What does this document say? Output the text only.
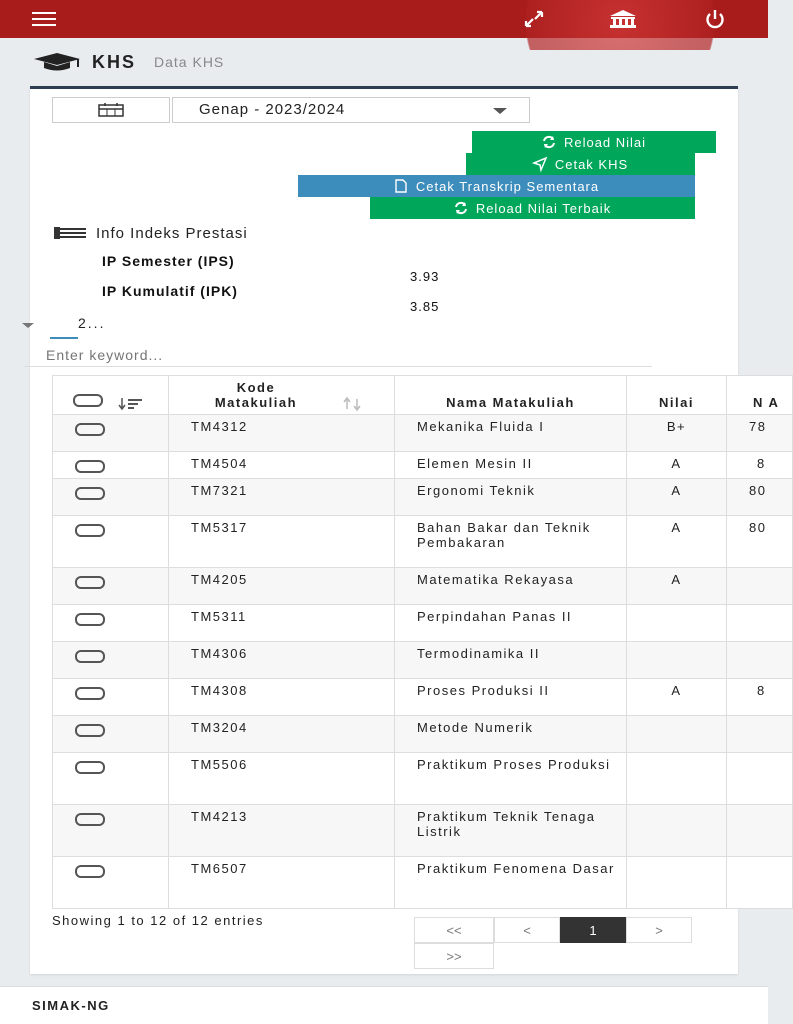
KHS Data KHS
Genap - 2023/2024
Reload Nilai
Cetak KHS
Cetak Transkrip Sementara
Reload Nilai Terbaik
Info Indeks Prestasi
IP Semester (IPS)
3.93
IP Kumulatif (IPK)
3.85
2...
Enter keyword...
	Kode Matakuliah	Nama Matakuliah	Nilai	N A
	TM4312	Mekanika Fluida I	B+	78
	TM4504	Elemen Mesin II	A	8
	TM7321	Ergonomi Teknik	A	80
	TM5317	Bahan Bakar dan Teknik Pembakaran	A	80
	TM4205	Matematika Rekayasa	A	
	TM5311	Perpindahan Panas II		
	TM4306	Termodinamika II		
	TM4308	Proses Produksi II	A	8
	TM3204	Metode Numerik		
	TM5506	Praktikum Proses Produksi		
	TM4213	Praktikum Teknik Tenaga Listrik		
	TM6507	Praktikum Fenomena Dasar		
Showing 1 to 12 of 12 entries
<<	<	1	>
>>
SIMAK-NG
